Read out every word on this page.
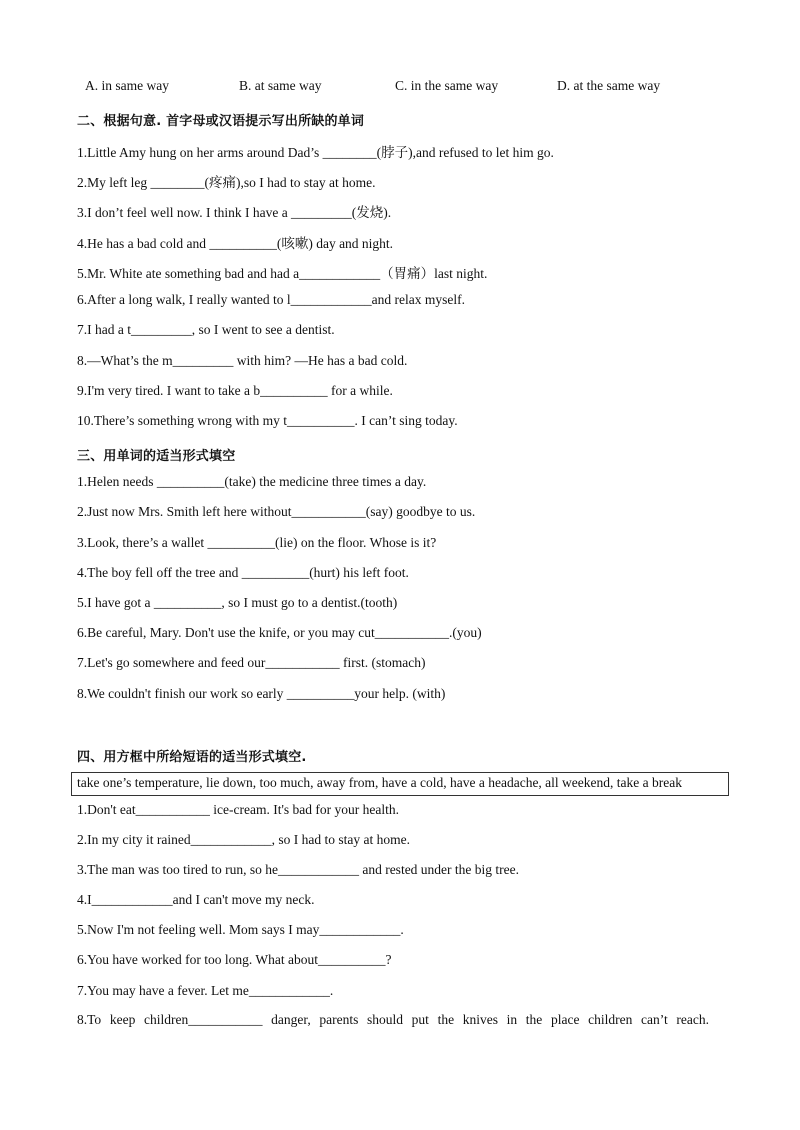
A. in same way	B. at same way	C. in the same way	D. at the same way
二、根据句意. 首字母或汉语提示写出所缺的单词
1.Little Amy hung on her arms around Dad’s ________(脖子),and refused to let him go.
2.My left leg ________(疼痛),so I had to stay at home.
3.I don’t feel well now. I think I have a _________(发烧).
4.He has a bad cold and __________(咳嗽) day and night.
5.Mr. White ate something bad and had a____________（胃痛）last night.
6.After a long walk, I really wanted to l____________and relax myself.
7.I had a t_________, so I went to see a dentist.
8.—What’s the m_________ with him? —He has a bad cold.
9.I'm very tired. I want to take a b__________ for a while.
10.There’s something wrong with my t__________. I can’t sing today.
三、用单词的适当形式填空
1.Helen needs __________(take) the medicine three times a day.
2.Just now Mrs. Smith left here without___________(say) goodbye to us.
3.Look, there’s a wallet __________(lie) on the floor. Whose is it?
4.The boy fell off the tree and __________(hurt) his left foot.
5.I have got a __________, so I must go to a dentist.(tooth)
6.Be careful, Mary. Don't use the knife, or you may cut___________.(you)
7.Let's go somewhere and feed our___________ first. (stomach)
8.We couldn't finish our work so early __________your help. (with)
四、用方框中所给短语的适当形式填空.
take one’s temperature, lie down, too much, away from, have a cold, have a headache, all weekend, take a break
1.Don't eat___________ ice-cream. It's bad for your health.
2.In my city it rained____________, so I had to stay at home.
3.The man was too tired to run, so he____________ and rested under the big tree.
4.I____________and I can't move my neck.
5.Now I'm not feeling well. Mom says I may____________.
6.You have worked for too long. What about__________?
7.You may have a fever. Let me____________.
8.To keep children___________ danger, parents should put the knives in the place children can’t reach.
